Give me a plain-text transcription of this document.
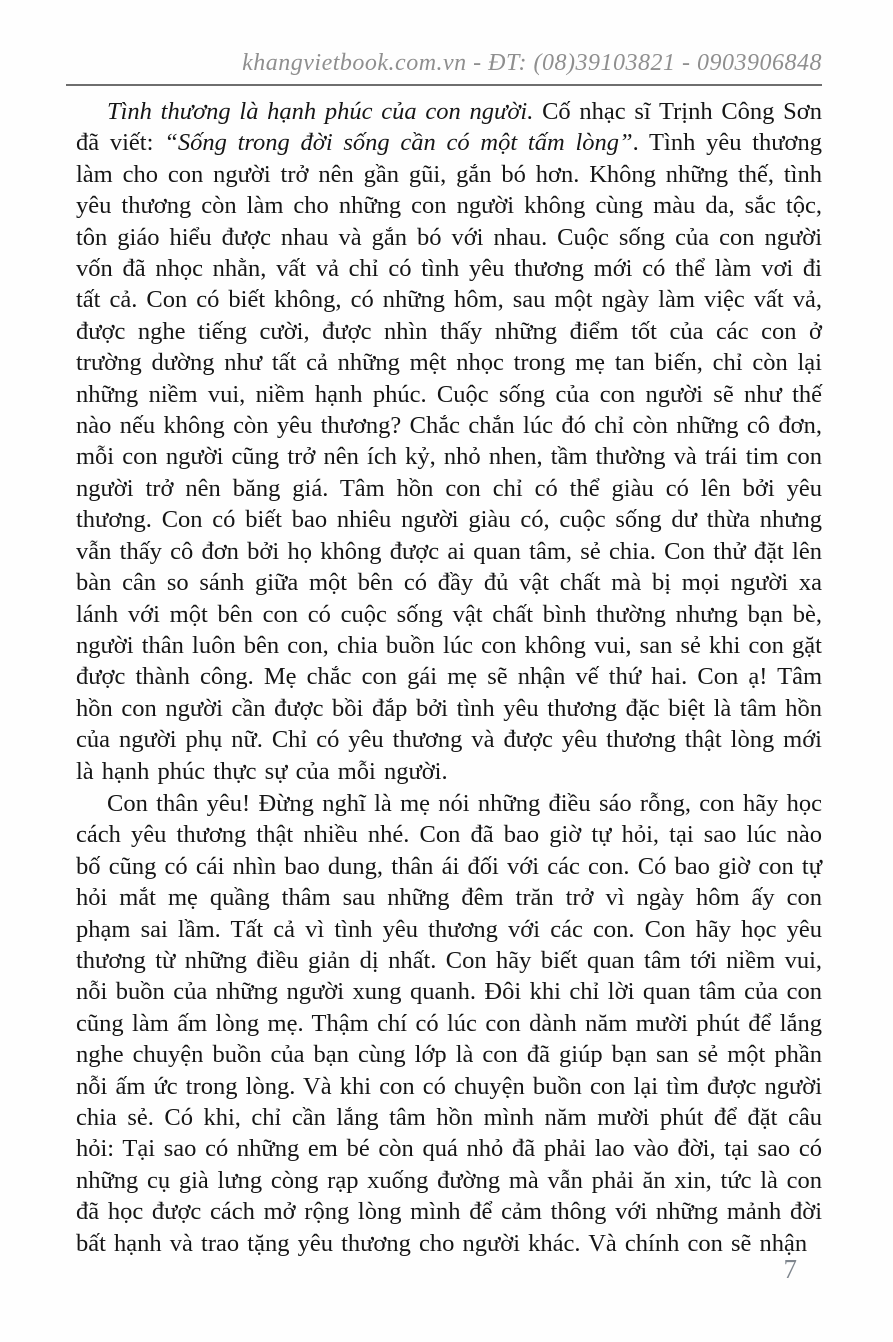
khangvietbook.com.vn - ĐT: (08)39103821 - 0903906848

Tình thương là hạnh phúc của con người. Cố nhạc sĩ Trịnh Công Sơn đã viết: “Sống trong đời sống cần có một tấm lòng”. Tình yêu thương làm cho con người trở nên gần gũi, gắn bó hơn. Không những thế, tình yêu thương còn làm cho những con người không cùng màu da, sắc tộc, tôn giáo hiểu được nhau và gắn bó với nhau. Cuộc sống của con người vốn đã nhọc nhằn, vất vả chỉ có tình yêu thương mới có thể làm vơi đi tất cả. Con có biết không, có những hôm, sau một ngày làm việc vất vả, được nghe tiếng cười, được nhìn thấy những điểm tốt của các con ở trường dường như tất cả những mệt nhọc trong mẹ tan biến, chỉ còn lại những niềm vui, niềm hạnh phúc. Cuộc sống của con người sẽ như thế nào nếu không còn yêu thương? Chắc chắn lúc đó chỉ còn những cô đơn, mỗi con người cũng trở nên ích kỷ, nhỏ nhen, tầm thường và trái tim con người trở nên băng giá. Tâm hồn con chỉ có thể giàu có lên bởi yêu thương. Con có biết bao nhiêu người giàu có, cuộc sống dư thừa nhưng vẫn thấy cô đơn bởi họ không được ai quan tâm, sẻ chia. Con thử đặt lên bàn cân so sánh giữa một bên có đầy đủ vật chất mà bị mọi người xa lánh với một bên con có cuộc sống vật chất bình thường nhưng bạn bè, người thân luôn bên con, chia buồn lúc con không vui, san sẻ khi con gặt được thành công. Mẹ chắc con gái mẹ sẽ nhận vế thứ hai. Con ạ! Tâm hồn con người cần được bồi đắp bởi tình yêu thương đặc biệt là tâm hồn của người phụ nữ. Chỉ có yêu thương và được yêu thương thật lòng mới là hạnh phúc thực sự của mỗi người.

Con thân yêu! Đừng nghĩ là mẹ nói những điều sáo rỗng, con hãy học cách yêu thương thật nhiều nhé. Con đã bao giờ tự hỏi, tại sao lúc nào bố cũng có cái nhìn bao dung, thân ái đối với các con. Có bao giờ con tự hỏi mắt mẹ quầng thâm sau những đêm trăn trở vì ngày hôm ấy con phạm sai lầm. Tất cả vì tình yêu thương với các con. Con hãy học yêu thương từ những điều giản dị nhất. Con hãy biết quan tâm tới niềm vui, nỗi buồn của những người xung quanh. Đôi khi chỉ lời quan tâm của con cũng làm ấm lòng mẹ. Thậm chí có lúc con dành năm mười phút để lắng nghe chuyện buồn của bạn cùng lớp là con đã giúp bạn san sẻ một phần nỗi ấm ức trong lòng. Và khi con có chuyện buồn con lại tìm được người chia sẻ. Có khi, chỉ cần lắng tâm hồn mình năm mười phút để đặt câu hỏi: Tại sao có những em bé còn quá nhỏ đã phải lao vào đời, tại sao có những cụ già lưng còng rạp xuống đường mà vẫn phải ăn xin, tức là con đã học được cách mở rộng lòng mình để cảm thông với những mảnh đời bất hạnh và trao tặng yêu thương cho người khác. Và chính con sẽ nhận

7
